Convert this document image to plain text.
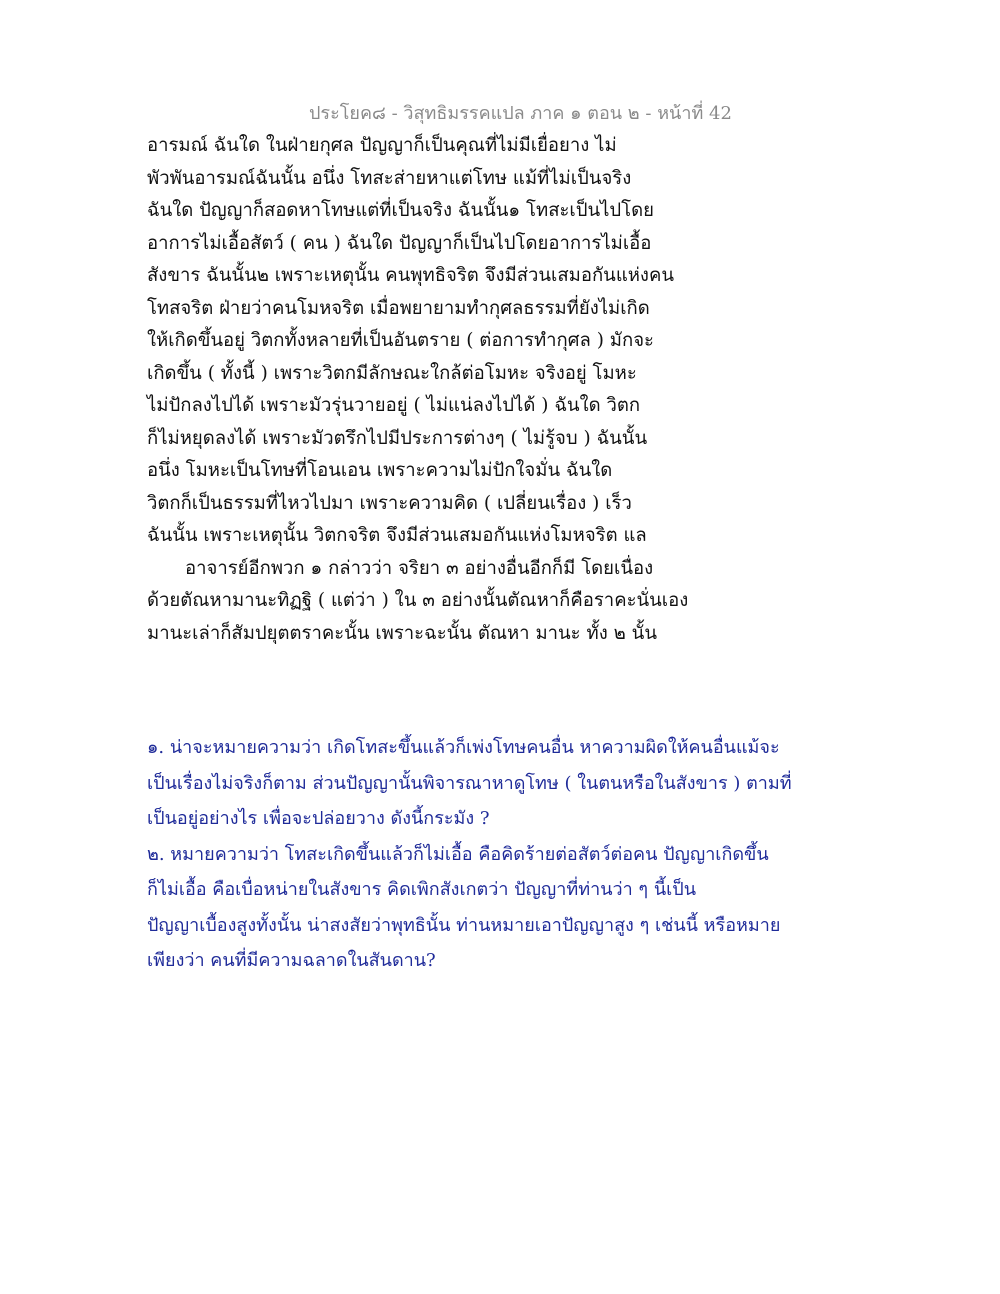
ประโยค๘ - วิสุทธิมรรคแปล ภาค ๑ ตอน ๒ - หน้าที่ 42
อารมณ์ ฉันใด ในฝ่ายกุศล ปัญญาก็เป็นคุณที่ไม่มีเยื่อยาง ไม่
พัวพันอารมณ์ฉันนั้น อนึ่ง โทสะส่ายหาแต่โทษ แม้ที่ไม่เป็นจริง
ฉันใด ปัญญาก็สอดหาโทษแต่ที่เป็นจริง ฉันนั้น๑ โทสะเป็นไปโดย
อาการไม่เอื้อสัตว์ ( คน ) ฉันใด ปัญญาก็เป็นไปโดยอาการไม่เอื้อ
สังขาร ฉันนั้น๒ เพราะเหตุนั้น คนพุทธิจริต จึงมีส่วนเสมอกันแห่งคน
โทสจริต ฝ่ายว่าคนโมหจริต เมื่อพยายามทำกุศลธรรมที่ยังไม่เกิด
ให้เกิดขึ้นอยู่ วิตกทั้งหลายที่เป็นอันตราย ( ต่อการทำกุศล ) มักจะ
เกิดขึ้น ( ทั้งนี้ ) เพราะวิตกมีลักษณะใกล้ต่อโมหะ จริงอยู่ โมหะ
ไม่ปักลงไปได้ เพราะมัวรุ่นวายอยู่ ( ไม่แน่ลงไปได้ ) ฉันใด วิตก
ก็ไม่หยุดลงได้ เพราะมัวตรึกไปมีประการต่างๆ ( ไม่รู้จบ ) ฉันนั้น
อนึ่ง โมหะเป็นโทษที่โอนเอน เพราะความไม่ปักใจมั่น ฉันใด
วิตกก็เป็นธรรมที่ไหวไปมา เพราะความคิด ( เปลี่ยนเรื่อง ) เร็ว
ฉันนั้น เพราะเหตุนั้น วิตกจริต จึงมีส่วนเสมอกันแห่งโมหจริต แล
อาจารย์อีกพวก ๑ กล่าวว่า จริยา ๓ อย่างอื่นอีกก็มี โดยเนื่อง
ด้วยตัณหามานะทิฏฐิ ( แต่ว่า ) ใน ๓ อย่างนั้นตัณหาก็คือราคะนั่นเอง
มานะเล่าก็สัมปยุตตราคะนั้น เพราะฉะนั้น ตัณหา มานะ ทั้ง ๒ นั้น
๑. น่าจะหมายความว่า เกิดโทสะขึ้นแล้วก็เพ่งโทษคนอื่น หาความผิดให้คนอื่นแม้จะ
เป็นเรื่องไม่จริงก็ตาม ส่วนปัญญานั้นพิจารณาหาดูโทษ ( ในตนหรือในสังขาร ) ตามที่
เป็นอยู่อย่างไร เพื่อจะปล่อยวาง ดังนี้กระมัง ?
๒. หมายความว่า โทสะเกิดขึ้นแล้วก็ไม่เอื้อ คือคิดร้ายต่อสัตว์ต่อคน ปัญญาเกิดขึ้น
ก็ไม่เอื้อ คือเบื่อหน่ายในสังขาร คิดเพิกสังเกตว่า ปัญญาที่ท่านว่า ๆ นี้เป็น
ปัญญาเบื้องสูงทั้งนั้น น่าสงสัยว่าพุทธินั้น ท่านหมายเอาปัญญาสูง ๆ เช่นนี้ หรือหมาย
เพียงว่า คนที่มีความฉลาดในสันดาน?
